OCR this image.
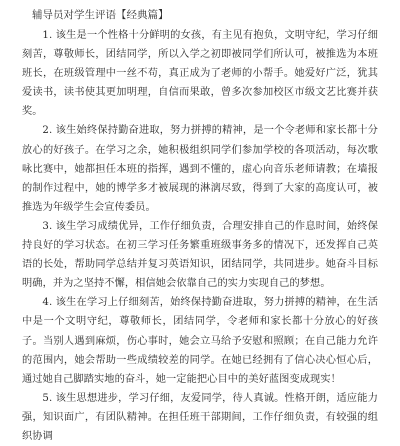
辅导员对学生评语【经典篇】

1. 该生是一个性格十分鲜明的女孩，有主见有抱负，文明守纪，学习仔细刻苦，尊敬师长，团结同学，所以入学之初即被同学们所认可，被推选为本班班长，在班级管理中一丝不苟，真正成为了老师的小帮手。她爱好广泛，犹其爱读书，读书使其更加明理，自信而果敢，曾多次参加校区市级文艺比赛并获奖。

2. 该生始终保持勤奋进取，努力拼搏的精神，是一个令老师和家长都十分放心的好孩子。在学习之余，她积极组织同学们参加学校的各项活动，每次歌咏比赛中，她都担任本班的指挥，遇到不懂的，虚心向音乐老师请教；在墙报的制作过程中，她的博学多才被展现的淋漓尽致，得到了大家的高度认可，被推选为年级学生会宣传委员。

3. 该生学习成绩优异，工作仔细负责，合理安排自己的作息时间，始终保持良好的学习状态。在初三学习任务繁重班级事务多的情况下，还发挥自己英语的长处，帮助同学总结并复习英语知识，团结同学，共同进步。她奋斗目标明确，并为之坚持不懈，相信她会依靠自己的实力实现自己的梦想。

4. 该生在学习上仔细刻苦，始终保持勤奋进取，努力拼搏的精神，在生活中是一个文明守纪，尊敬师长，团结同学，令老师和家长都十分放心的好孩子。当别人遇到麻烦，伤心事时，她会立马给予安慰和照顾；在自己能力允许的范围内，她会帮助一些成绩较差的同学。在她已经拥有了信心决心恒心后，通过她自己脚踏实地的奋斗，她一定能把心目中的美好蓝图变成现实！

5. 该生思想进步，学习仔细，友爱同学，待人真诚。性格开朗，适应能力强，知识面广，有团队精神。在担任班干部期间，工作仔细负责，有较强的组织协调
